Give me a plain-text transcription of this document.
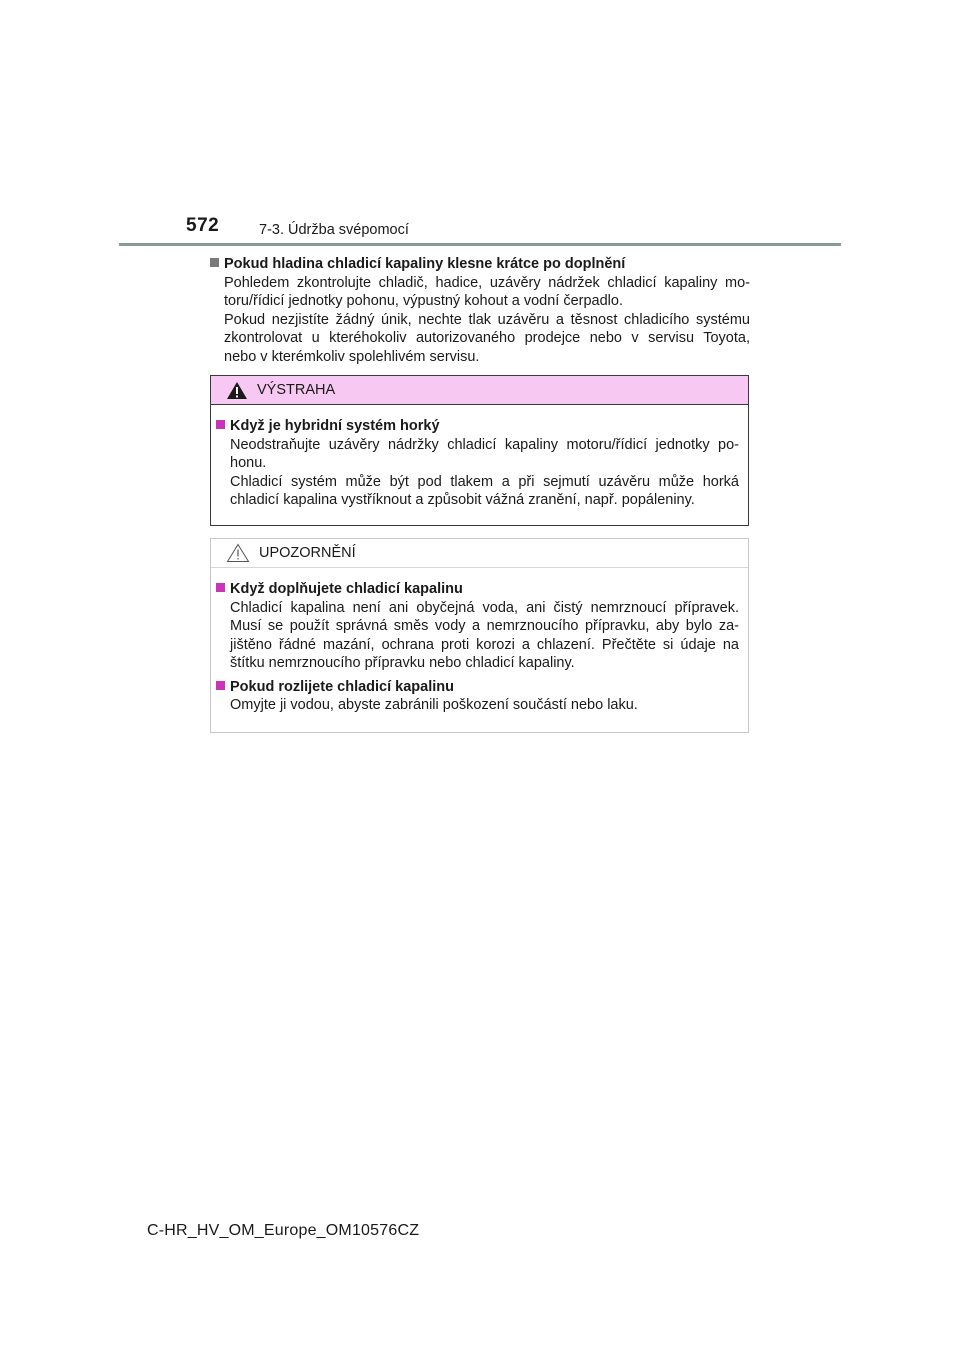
572	7-3. Údržba svépomocí
Pokud hladina chladicí kapaliny klesne krátce po doplnění
Pohledem zkontrolujte chladič, hadice, uzávěry nádržek chladicí kapaliny mo-
toru/řídicí jednotky pohonu, výpustný kohout a vodní čerpadlo.
Pokud nezjistíte žádný únik, nechte tlak uzávěru a těsnost chladicího systému
zkontrolovat u kteréhokoliv autorizovaného prodejce nebo v servisu Toyota,
nebo v kterémkoliv spolehlivém servisu.
VÝSTRAHA
Když je hybridní systém horký
Neodstraňujte uzávěry nádržky chladicí kapaliny motoru/řídicí jednotky po-
honu.
Chladicí systém může být pod tlakem a při sejmutí uzávěru může horká
chladicí kapalina vystříknout a způsobit vážná zranění, např. popáleniny.
UPOZORNĚNÍ
Když doplňujete chladicí kapalinu
Chladicí kapalina není ani obyčejná voda, ani čistý nemrznoucí přípravek.
Musí se použít správná směs vody a nemrznoucího přípravku, aby bylo za-
jištěno řádné mazání, ochrana proti korozi a chlazení. Přečtěte si údaje na
štítku nemrznoucího přípravku nebo chladicí kapaliny.
Pokud rozlijete chladicí kapalinu
Omyjte ji vodou, abyste zabránili poškození součástí nebo laku.
C-HR_HV_OM_Europe_OM10576CZ
